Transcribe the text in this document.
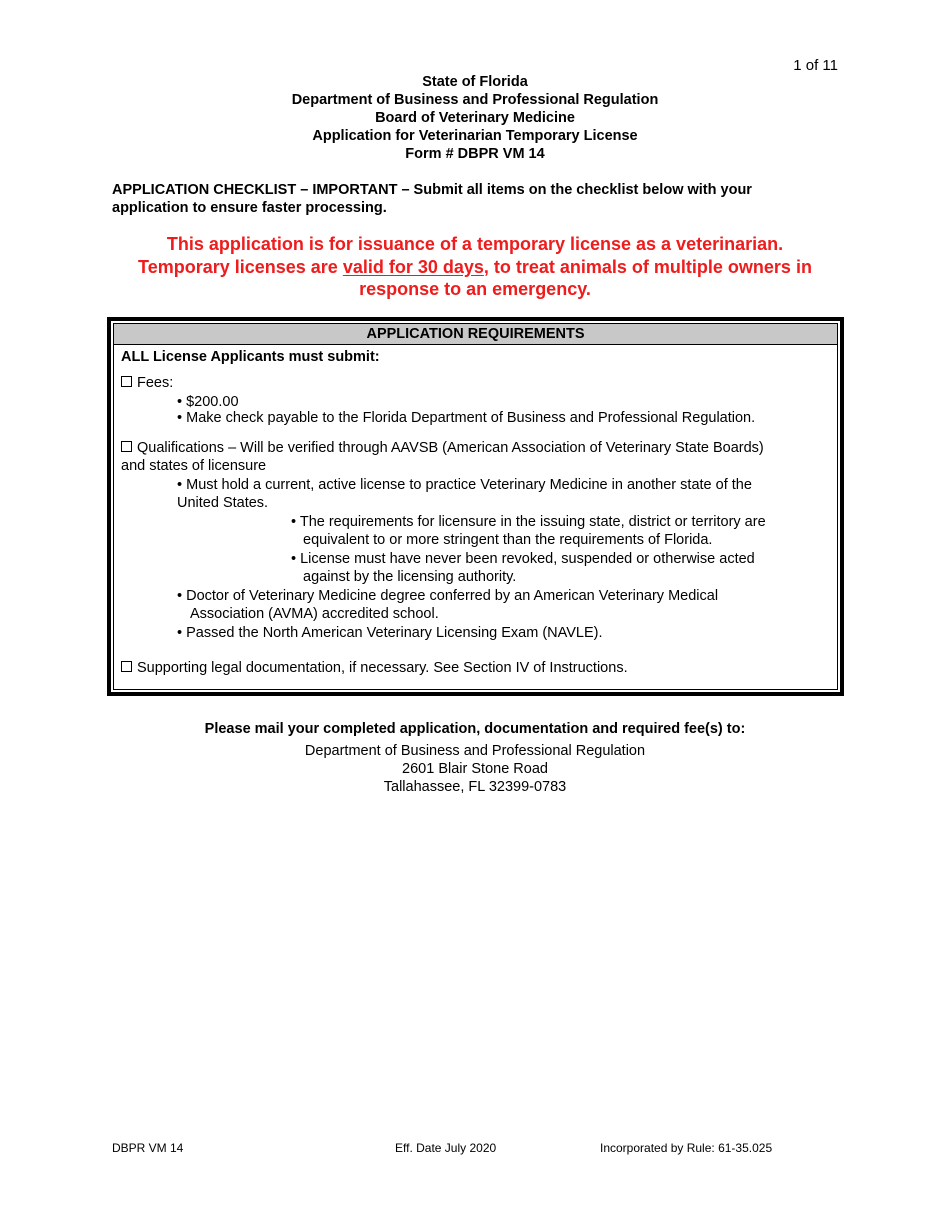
1 of 11
State of Florida
Department of Business and Professional Regulation
Board of Veterinary Medicine
Application for Veterinarian Temporary License
Form # DBPR VM 14
APPLICATION CHECKLIST – IMPORTANT – Submit all items on the checklist below with your
application to ensure faster processing.
This application is for issuance of a temporary license as a veterinarian.
Temporary licenses are valid for 30 days, to treat animals of multiple owners in
response to an emergency.
APPLICATION REQUIREMENTS
ALL License Applicants must submit:
Fees:
• $200.00
• Make check payable to the Florida Department of Business and Professional Regulation.
Qualifications – Will be verified through AAVSB (American Association of Veterinary State Boards)
and states of licensure
• Must hold a current, active license to practice Veterinary Medicine in another state of the
United States.
• The requirements for licensure in the issuing state, district or territory are
equivalent to or more stringent than the requirements of Florida.
• License must have never been revoked, suspended or otherwise acted
against by the licensing authority.
• Doctor of Veterinary Medicine degree conferred by an American Veterinary Medical
Association (AVMA) accredited school.
• Passed the North American Veterinary Licensing Exam (NAVLE).
Supporting legal documentation, if necessary. See Section IV of Instructions.
Please mail your completed application, documentation and required fee(s) to:
Department of Business and Professional Regulation
2601 Blair Stone Road
Tallahassee, FL 32399-0783
DBPR VM 14	Eff. Date July 2020	Incorporated by Rule: 61-35.025
